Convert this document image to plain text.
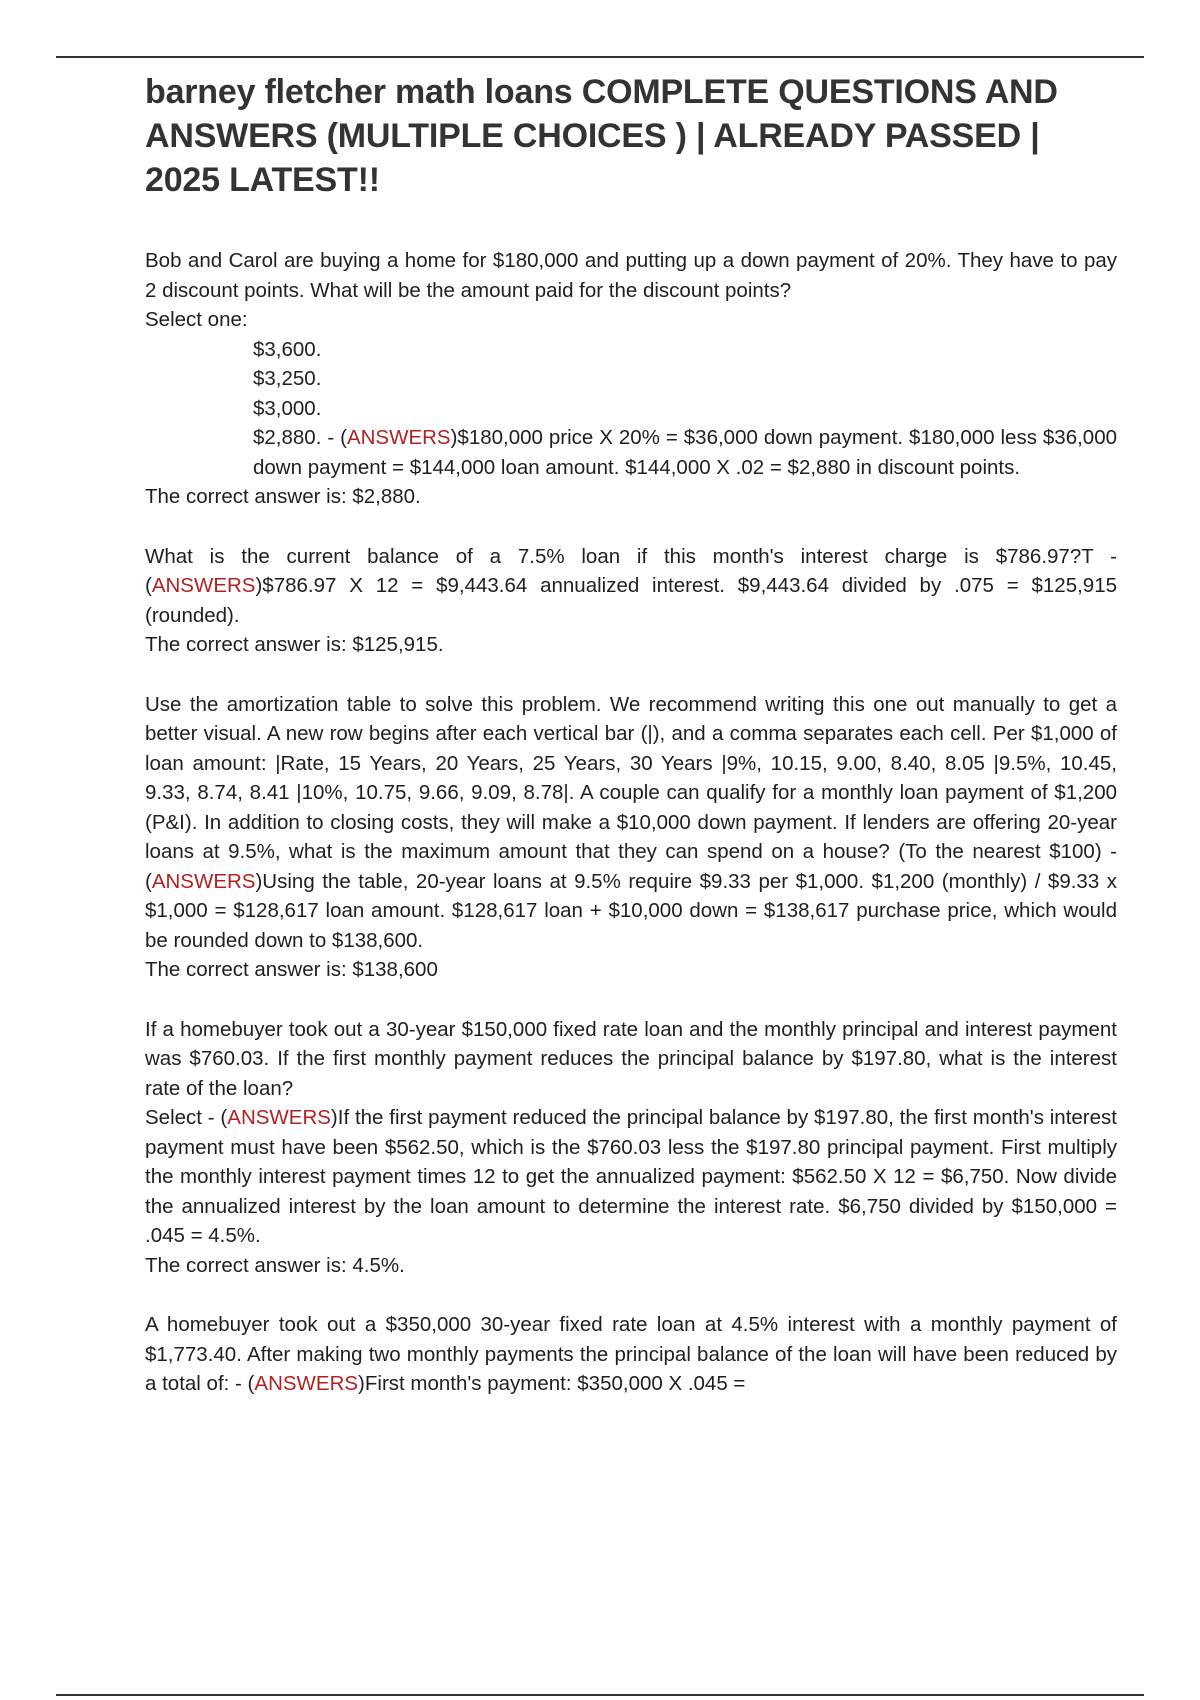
barney fletcher math loans COMPLETE QUESTIONS AND ANSWERS (MULTIPLE CHOICES ) | ALREADY PASSED | 2025 LATEST!!

Bob and Carol are buying a home for $180,000 and putting up a down payment of 20%. They have to pay 2 discount points. What will be the amount paid for the discount points?

Select one:

$3,600.
$3,250.
$3,000.
$2,880. - (ANSWERS)$180,000 price X 20% = $36,000 down payment. $180,000 less $36,000 down payment = $144,000 loan amount. $144,000 X .02 = $2,880 in discount points.

The correct answer is: $2,880.

What is the current balance of a 7.5% loan if this month's interest charge is $786.97?T - (ANSWERS)$786.97 X 12 = $9,443.64 annualized interest. $9,443.64 divided by .075 = $125,915 (rounded).

The correct answer is: $125,915.

Use the amortization table to solve this problem. We recommend writing this one out manually to get a better visual. A new row begins after each vertical bar (|), and a comma separates each cell. Per $1,000 of loan amount: |Rate, 15 Years, 20 Years, 25 Years, 30 Years |9%, 10.15, 9.00, 8.40, 8.05 |9.5%, 10.45, 9.33, 8.74, 8.41 |10%, 10.75, 9.66, 9.09, 8.78|. A couple can qualify for a monthly loan payment of $1,200 (P&I). In addition to closing costs, they will make a $10,000 down payment. If lenders are offering 20-year loans at 9.5%, what is the maximum amount that they can spend on a house? (To the nearest $100) - (ANSWERS)Using the table, 20-year loans at 9.5% require $9.33 per $1,000. $1,200 (monthly) / $9.33 x $1,000 = $128,617 loan amount. $128,617 loan + $10,000 down = $138,617 purchase price, which would be rounded down to $138,600.

The correct answer is: $138,600

If a homebuyer took out a 30-year $150,000 fixed rate loan and the monthly principal and interest payment was $760.03. If the first monthly payment reduces the principal balance by $197.80, what is the interest rate of the loan?

Select - (ANSWERS)If the first payment reduced the principal balance by $197.80, the first month's interest payment must have been $562.50, which is the $760.03 less the $197.80 principal payment. First multiply the monthly interest payment times 12 to get the annualized payment: $562.50 X 12 = $6,750. Now divide the annualized interest by the loan amount to determine the interest rate. $6,750 divided by $150,000 = .045 = 4.5%.

The correct answer is: 4.5%.

A homebuyer took out a $350,000 30-year fixed rate loan at 4.5% interest with a monthly payment of $1,773.40. After making two monthly payments the principal balance of the loan will have been reduced by a total of: - (ANSWERS)First month's payment: $350,000 X .045 =
